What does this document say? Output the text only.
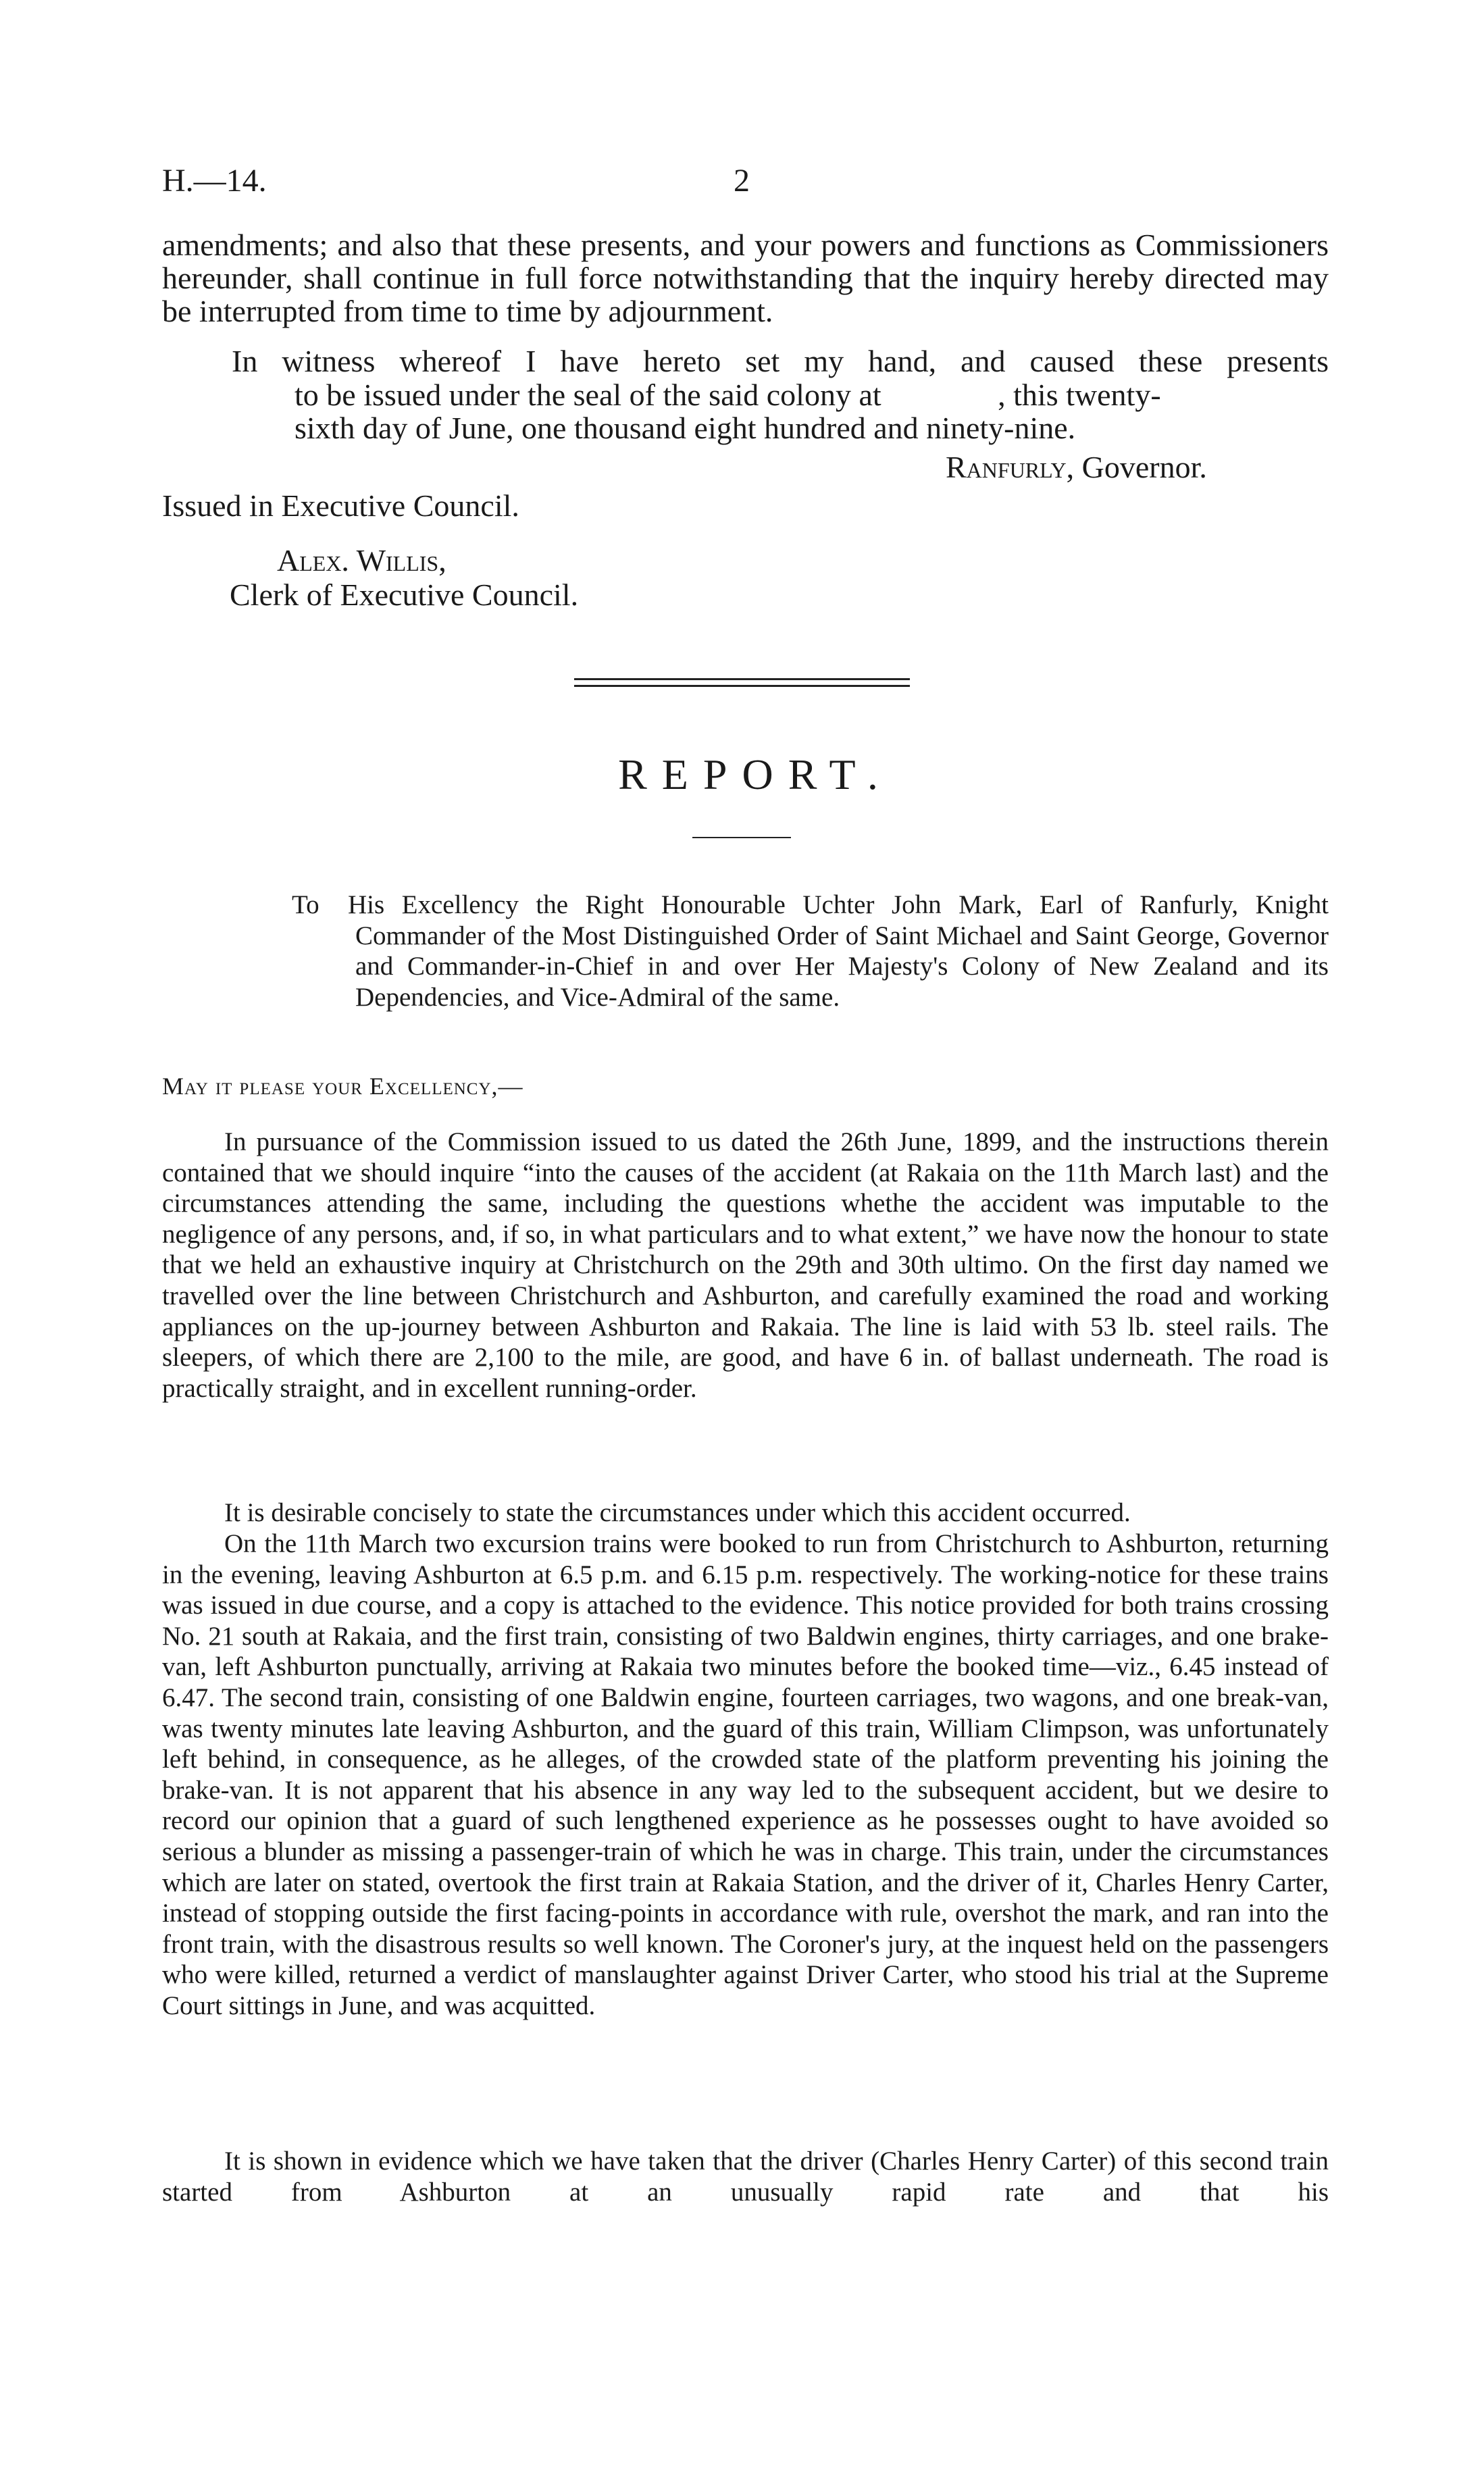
H.—14.	2
amendments; and also that these presents, and your powers and functions as Commissioners hereunder, shall continue in full force notwithstanding that the inquiry hereby directed may be interrupted from time to time by adjournment.
In witness whereof I have hereto set my hand, and caused these presents
to be issued under the seal of the said colony at               , this twenty-
sixth day of June, one thousand eight hundred and ninety-nine.
Ranfurly, Governor.
Issued in Executive Council.
Alex. Willis,
Clerk of Executive Council.
REPORT.
To His Excellency the Right Honourable Uchter John Mark, Earl of Ranfurly, Knight Commander of the Most Distinguished Order of Saint Michael and Saint George, Governor and Commander-in-Chief in and over Her Majesty's Colony of New Zealand and its Dependencies, and Vice-Admiral of the same.
May it please your Excellency,—
In pursuance of the Commission issued to us dated the 26th June, 1899, and the instructions therein contained that we should inquire “into the causes of the accident (at Rakaia on the 11th March last) and the circumstances attending the same, including the questions whethe the accident was imputable to the negligence of any persons, and, if so, in what particulars and to what extent,” we have now the honour to state that we held an exhaustive inquiry at Christchurch on the 29th and 30th ultimo. On the first day named we travelled over the line between Christchurch and Ashburton, and carefully examined the road and working appliances on the up-journey between Ashburton and Rakaia. The line is laid with 53 lb. steel rails. The sleepers, of which there are 2,100 to the mile, are good, and have 6 in. of ballast underneath. The road is practically straight, and in excellent running-order.
It is desirable concisely to state the circumstances under which this accident occurred.
On the 11th March two excursion trains were booked to run from Christchurch to Ashburton, returning in the evening, leaving Ashburton at 6.5 p.m. and 6.15 p.m. respectively. The working-notice for these trains was issued in due course, and a copy is attached to the evidence. This notice provided for both trains crossing No. 21 south at Rakaia, and the first train, consisting of two Baldwin engines, thirty carriages, and one brake-van, left Ashburton punctually, arriving at Rakaia two minutes before the booked time—viz., 6.45 instead of 6.47. The second train, consisting of one Baldwin engine, fourteen carriages, two wagons, and one break-van, was twenty minutes late leaving Ashburton, and the guard of this train, William Climpson, was unfortunately left behind, in consequence, as he alleges, of the crowded state of the platform preventing his joining the brake-van. It is not apparent that his absence in any way led to the subsequent accident, but we desire to record our opinion that a guard of such lengthened experience as he possesses ought to have avoided so serious a blunder as missing a passenger-train of which he was in charge. This train, under the circumstances which are later on stated, overtook the first train at Rakaia Station, and the driver of it, Charles Henry Carter, instead of stopping outside the first facing-points in accordance with rule, overshot the mark, and ran into the front train, with the disastrous results so well known. The Coroner's jury, at the inquest held on the passengers who were killed, returned a verdict of manslaughter against Driver Carter, who stood his trial at the Supreme Court sittings in June, and was acquitted.
It is shown in evidence which we have taken that the driver (Charles Henry Carter) of this second train started from Ashburton at an unusually rapid rate and that his
